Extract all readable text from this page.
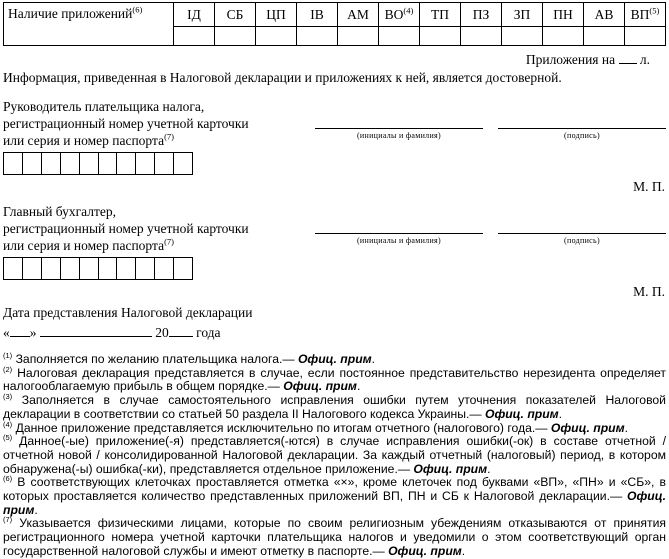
Наличие приложений$^{(6)}$	ІД	СБ	ЦП	ІВ	АМ	ВО$^{(4)}$	ТП	ПЗ	ЗП	ПН	АВ	ВП$^{(5)}$

Приложения на л.
Информация, приведенная в Налоговой декларации и приложениях к ней, является достоверной.
Руководитель плательщика налога,
регистрационный номер учетной карточки
или серия и номер паспорта$^{(7)}$	(инициалы и фамилия)	(подпись)
М. П.
Главный бухгалтер,
регистрационный номер учетной карточки
или серия и номер паспорта$^{(7)}$	(инициалы и фамилия)	(подпись)
М. П.
Дата представления Налоговой декларации
« »	20 года
$^{(1)}$ Заполняется по желанию плательщика налога.— Офиц. прим.
$^{(2)}$ Налоговая декларация представляется в случае, если постоянное представительство нерезидента определяет налогооблагаемую прибыль в общем порядке.— Офиц. прим.
$^{(3)}$ Заполняется в случае самостоятельного исправления ошибки путем уточнения показателей Налоговой декларации в соответствии со статьей 50 раздела II Налогового кодекса Украины.— Офиц. прим.
$^{(4)}$ Данное приложение представляется исключительно по итогам отчетного (налогового) года.— Офиц. прим.
$^{(5)}$ Данное(-ые) приложение(-я) представляется(-ются) в случае исправления ошибки(-ок) в составе отчетной / отчетной новой / консолидированной Налоговой декларации. За каждый отчетный (налоговый) период, в котором обнаружена(-ы) ошибка(-ки), представляется отдельное приложение.— Офиц. прим.
$^{(6)}$ В соответствующих клеточках проставляется отметка «×», кроме клеточек под буквами «ВП», «ПН» и «СБ», в которых проставляется количество представленных приложений ВП, ПН и СБ к Налоговой декларации.— Офиц. прим.
$^{(7)}$ Указывается физическими лицами, которые по своим религиозным убеждениям отказываются от принятия регистрационного номера учетной карточки плательщика налогов и уведомили о этом соответствующий орган государственной налоговой службы и имеют отметку в паспорте.— Офиц. прим.
